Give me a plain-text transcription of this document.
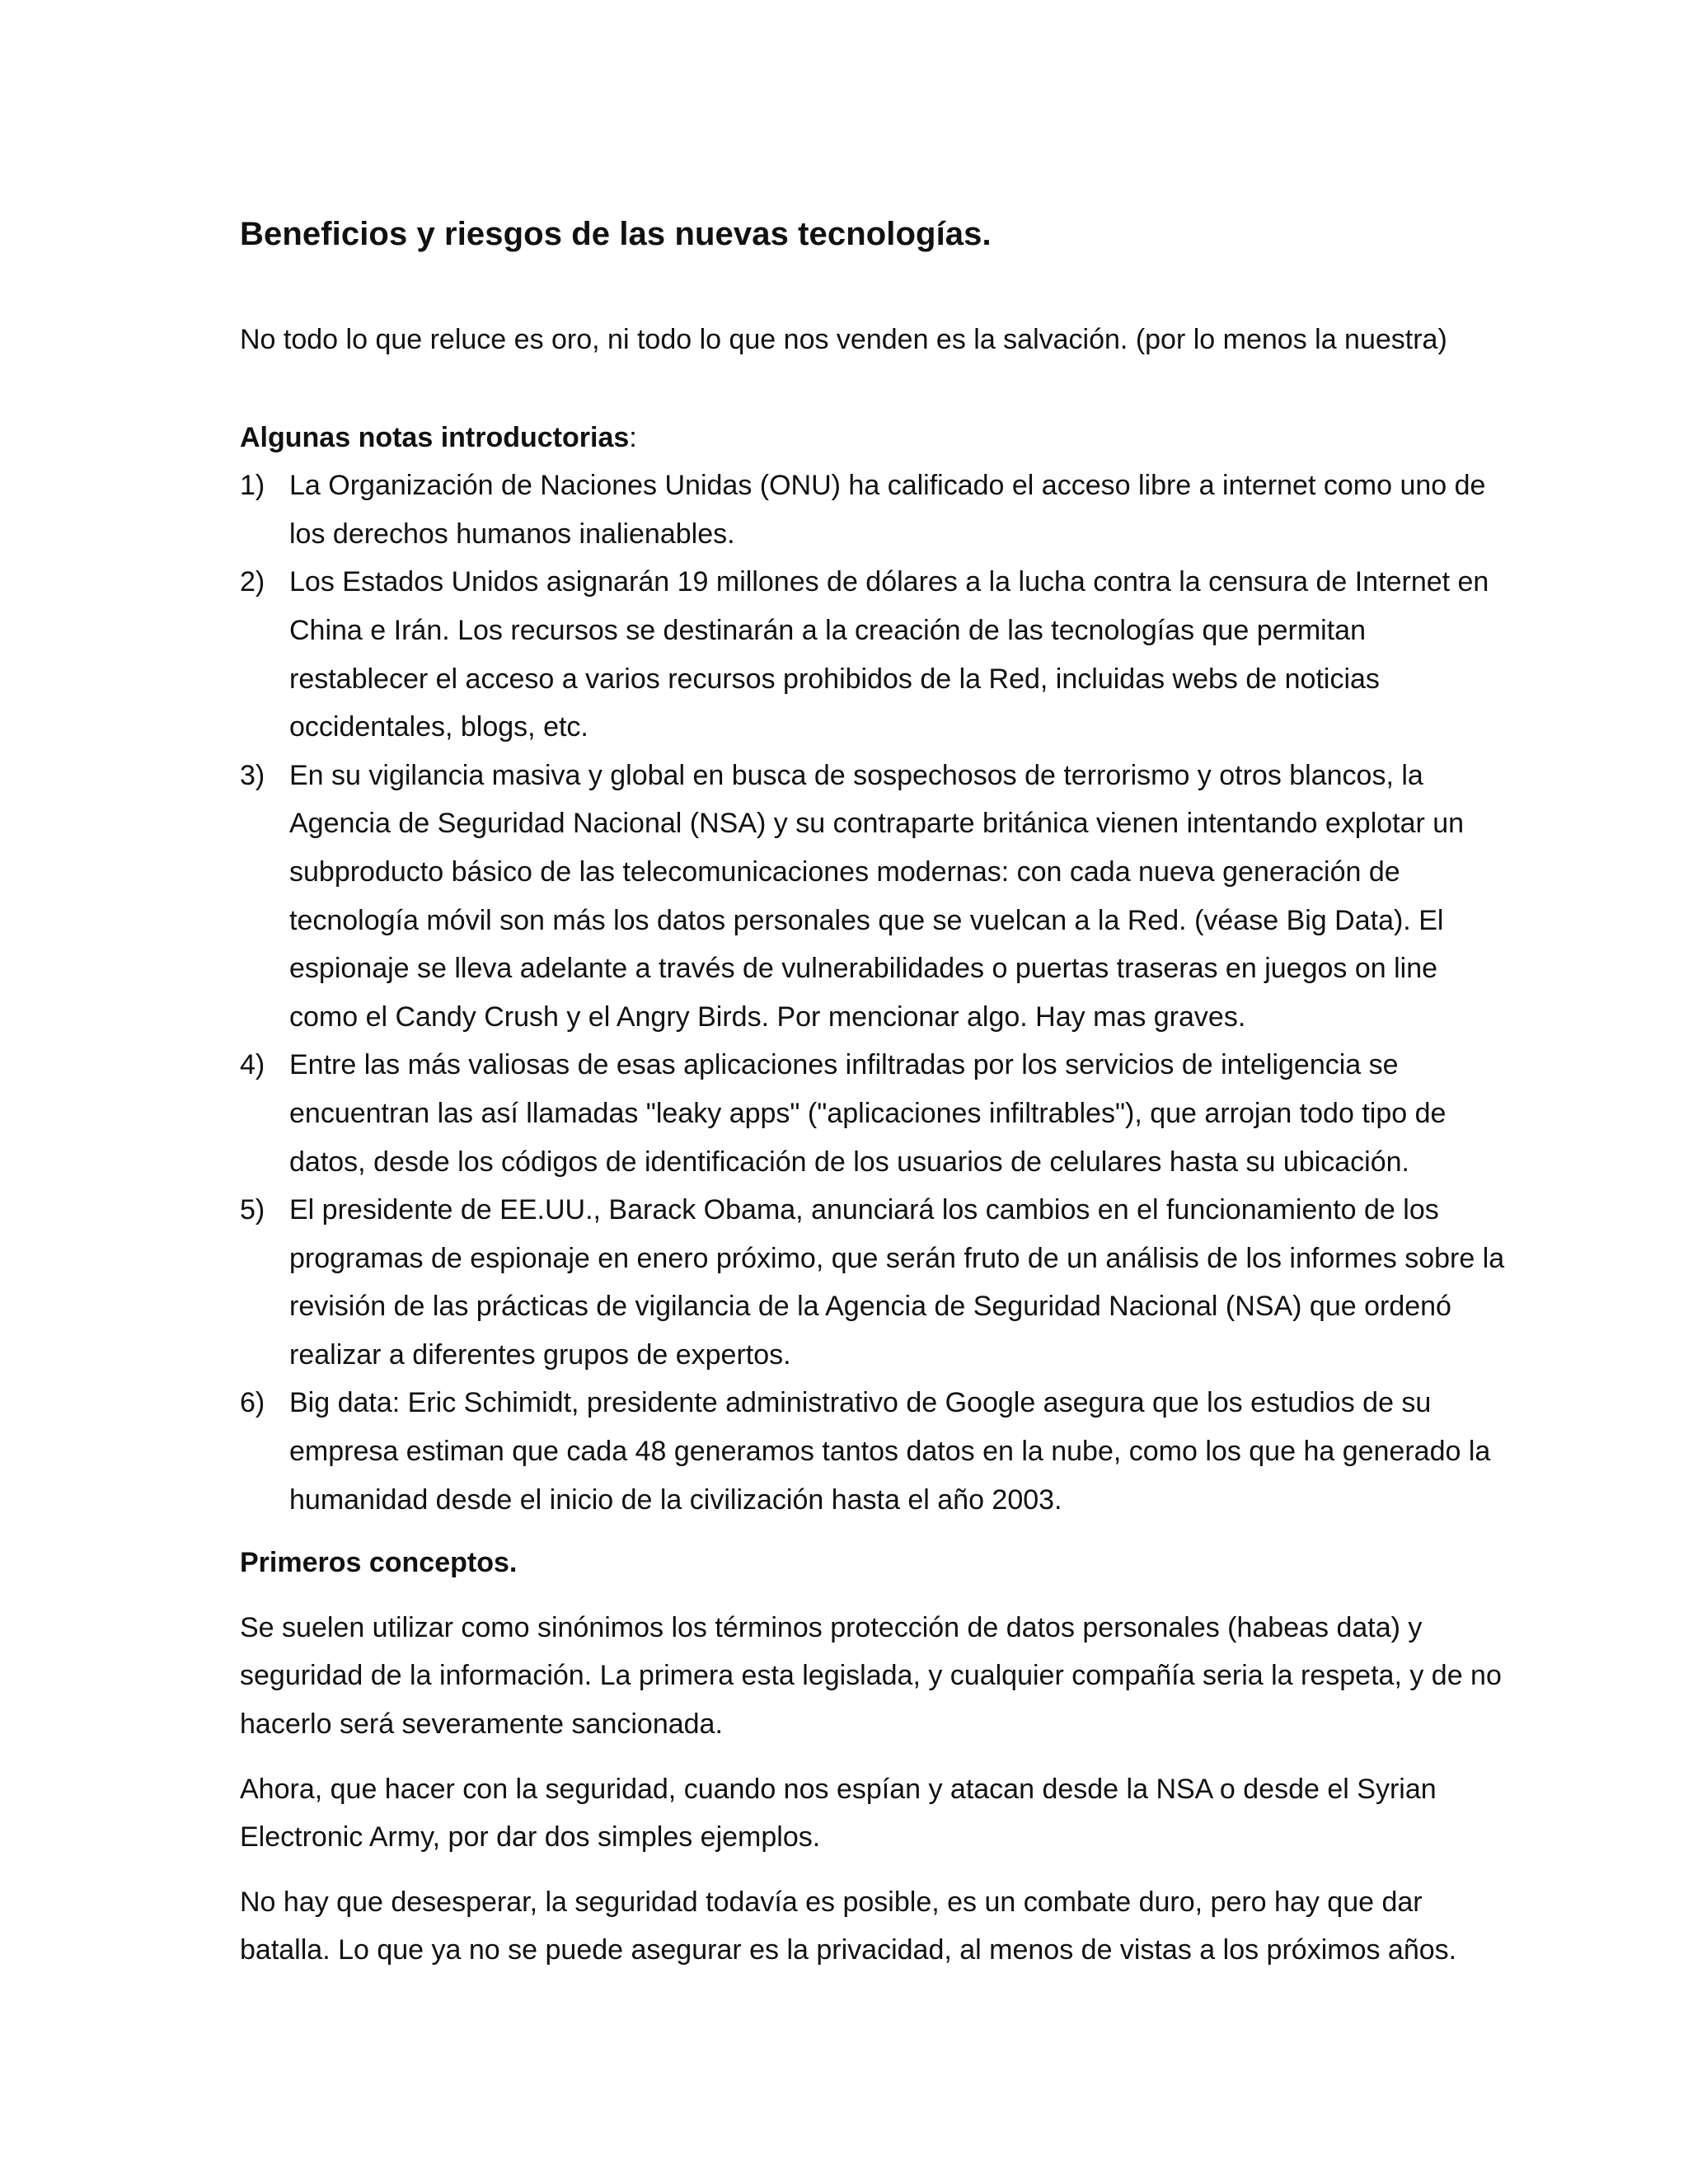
Beneficios y riesgos de las nuevas tecnologías.

No todo lo que reluce es oro, ni todo lo que nos venden es la salvación. (por lo menos la nuestra)

Algunas notas introductorias:
1) La Organización de Naciones Unidas (ONU) ha calificado el acceso libre a internet como uno de los derechos humanos inalienables.
2) Los Estados Unidos asignarán 19 millones de dólares a la lucha contra la censura de Internet en China e Irán. Los recursos se destinarán a la creación de las tecnologías que permitan restablecer el acceso a varios recursos prohibidos de la Red, incluidas webs de noticias occidentales, blogs, etc.
3) En su vigilancia masiva y global en busca de sospechosos de terrorismo y otros blancos, la Agencia de Seguridad Nacional (NSA) y su contraparte británica vienen intentando explotar un subproducto básico de las telecomunicaciones modernas: con cada nueva generación de tecnología móvil son más los datos personales que se vuelcan a la Red. (véase Big Data). El espionaje se lleva adelante a través de vulnerabilidades o puertas traseras en juegos on line como el Candy Crush y el Angry Birds. Por mencionar algo. Hay mas graves.
4) Entre las más valiosas de esas aplicaciones infiltradas por los servicios de inteligencia se encuentran las así llamadas "leaky apps" ("aplicaciones infiltrables"), que arrojan todo tipo de datos, desde los códigos de identificación de los usuarios de celulares hasta su ubicación.
5) El presidente de EE.UU., Barack Obama, anunciará los cambios en el funcionamiento de los programas de espionaje en enero próximo, que serán fruto de un análisis de los informes sobre la revisión de las prácticas de vigilancia de la Agencia de Seguridad Nacional (NSA) que ordenó realizar a diferentes grupos de expertos.
6) Big data: Eric Schimidt, presidente administrativo de Google asegura que los estudios de su empresa estiman que cada 48 generamos tantos datos en la nube, como los que ha generado la humanidad desde el inicio de la civilización hasta el año 2003.
Primeros conceptos.

Se suelen utilizar como sinónimos los términos protección de datos personales (habeas data) y seguridad de la información. La primera esta legislada, y cualquier compañía seria la respeta, y de no hacerlo será severamente sancionada.

Ahora, que hacer con la seguridad, cuando nos espían y atacan desde la NSA o desde el Syrian Electronic Army, por dar dos simples ejemplos.

No hay que desesperar, la seguridad todavía es posible, es un combate duro, pero hay que dar batalla. Lo que ya no se puede asegurar es la privacidad, al menos de vistas a los próximos años.
